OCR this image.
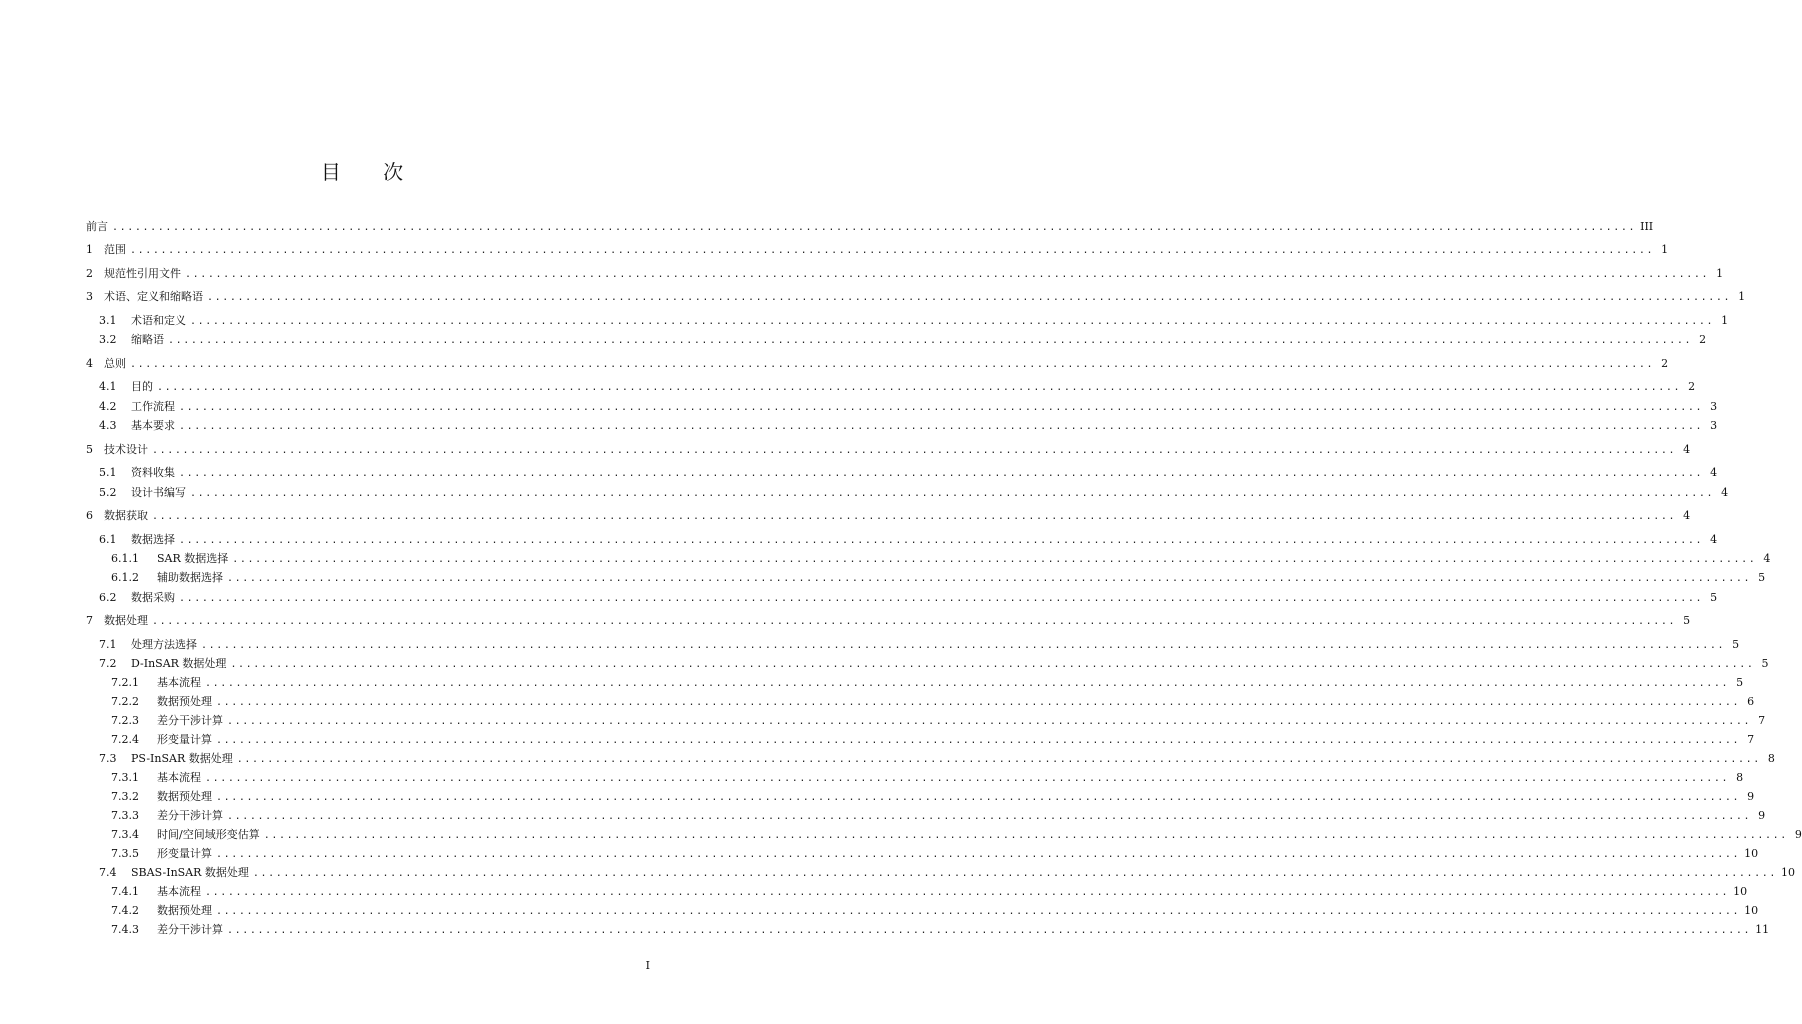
目 次
前言 ........................................................................................................................................................................................................ III
1	范围 ........................................................................................................................................................................................................ 1
2	规范性引用文件 ........................................................................................................................................................................................................ 1
3	术语、定义和缩略语 ........................................................................................................................................................................................................ 1
3.1	术语和定义 ........................................................................................................................................................................................................ 1
3.2	缩略语 ........................................................................................................................................................................................................ 2
4	总则 ........................................................................................................................................................................................................ 2
4.1	目的 ........................................................................................................................................................................................................ 2
4.2	工作流程 ........................................................................................................................................................................................................ 3
4.3	基本要求 ........................................................................................................................................................................................................ 3
5	技术设计 ........................................................................................................................................................................................................ 4
5.1	资料收集 ........................................................................................................................................................................................................ 4
5.2	设计书编写 ........................................................................................................................................................................................................ 4
6	数据获取 ........................................................................................................................................................................................................ 4
6.1	数据选择 ........................................................................................................................................................................................................ 4
6.1.1	SAR 数据选择 ........................................................................................................................................................................................................ 4
6.1.2	辅助数据选择 ........................................................................................................................................................................................................ 5
6.2	数据采购 ........................................................................................................................................................................................................ 5
7	数据处理 ........................................................................................................................................................................................................ 5
7.1	处理方法选择 ........................................................................................................................................................................................................ 5
7.2	D-InSAR 数据处理 ........................................................................................................................................................................................................ 5
7.2.1	基本流程 ........................................................................................................................................................................................................ 5
7.2.2	数据预处理 ........................................................................................................................................................................................................ 6
7.2.3	差分干涉计算 ........................................................................................................................................................................................................ 7
7.2.4	形变量计算 ........................................................................................................................................................................................................ 7
7.3	PS-InSAR 数据处理 ........................................................................................................................................................................................................ 8
7.3.1	基本流程 ........................................................................................................................................................................................................ 8
7.3.2	数据预处理 ........................................................................................................................................................................................................ 9
7.3.3	差分干涉计算 ........................................................................................................................................................................................................ 9
7.3.4	时间/空间域形变估算 ........................................................................................................................................................................................................ 9
7.3.5	形变量计算 ........................................................................................................................................................................................................ 10
7.4	SBAS-InSAR 数据处理 ........................................................................................................................................................................................................ 10
7.4.1	基本流程 ........................................................................................................................................................................................................ 10
7.4.2	数据预处理 ........................................................................................................................................................................................................ 10
7.4.3	差分干涉计算 ........................................................................................................................................................................................................ 11
I
